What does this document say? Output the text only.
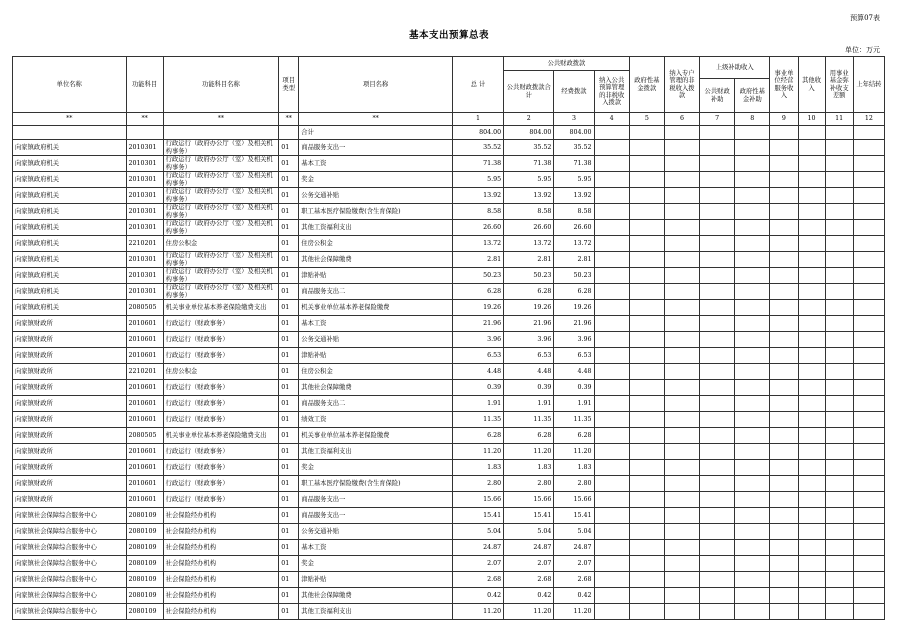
预算07表
基本支出预算总表
单位：万元
单位名称	功能科目	功能科目名称	项目类型	项目名称	总 计	公共财政拨款			政府性基金拨款	纳入专户管理的非税收入拨款	上级补助收入		事业单位经营服务收入	其他收入	用事业基金弥补收支差额	上年结转
						公共财政拨款合计	经费拨款	纳入公共预算管理的非税收入拨款								
											公共财政补助	政府性基金补助				
**	**	**	**	**	1	2	3	4	5	6	7	8	9	10	11	12
				合计	804.00	804.00	804.00									
向家镇政府机关	2010301	行政运行（政府办公厅（室）及相关机构事务）	01	商品服务支出一	35.52	35.52	35.52									
向家镇政府机关	2010301	行政运行（政府办公厅（室）及相关机构事务）	01	基本工资	71.38	71.38	71.38									
向家镇政府机关	2010301	行政运行（政府办公厅（室）及相关机构事务）	01	奖金	5.95	5.95	5.95									
向家镇政府机关	2010301	行政运行（政府办公厅（室）及相关机构事务）	01	公务交通补贴	13.92	13.92	13.92									
向家镇政府机关	2010301	行政运行（政府办公厅（室）及相关机构事务）	01	职工基本医疗保险缴费(含生育保险)	8.58	8.58	8.58									
向家镇政府机关	2010301	行政运行（政府办公厅（室）及相关机构事务）	01	其他工资福利支出	26.60	26.60	26.60									
向家镇政府机关	2210201	住房公积金	01	住房公积金	13.72	13.72	13.72									
向家镇政府机关	2010301	行政运行（政府办公厅（室）及相关机构事务）	01	其他社会保障缴费	2.81	2.81	2.81									
向家镇政府机关	2010301	行政运行（政府办公厅（室）及相关机构事务）	01	津贴补贴	50.23	50.23	50.23									
向家镇政府机关	2010301	行政运行（政府办公厅（室）及相关机构事务）	01	商品服务支出二	6.28	6.28	6.28									
向家镇政府机关	2080505	机关事业单位基本养老保险缴费支出	01	机关事业单位基本养老保险缴费	19.26	19.26	19.26									
向家镇财政所	2010601	行政运行（财政事务）	01	基本工资	21.96	21.96	21.96									
向家镇财政所	2010601	行政运行（财政事务）	01	公务交通补贴	3.96	3.96	3.96									
向家镇财政所	2010601	行政运行（财政事务）	01	津贴补贴	6.53	6.53	6.53									
向家镇财政所	2210201	住房公积金	01	住房公积金	4.48	4.48	4.48									
向家镇财政所	2010601	行政运行（财政事务）	01	其他社会保障缴费	0.39	0.39	0.39									
向家镇财政所	2010601	行政运行（财政事务）	01	商品服务支出二	1.91	1.91	1.91									
向家镇财政所	2010601	行政运行（财政事务）	01	绩效工资	11.35	11.35	11.35									
向家镇财政所	2080505	机关事业单位基本养老保险缴费支出	01	机关事业单位基本养老保险缴费	6.28	6.28	6.28									
向家镇财政所	2010601	行政运行（财政事务）	01	其他工资福利支出	11.20	11.20	11.20									
向家镇财政所	2010601	行政运行（财政事务）	01	奖金	1.83	1.83	1.83									
向家镇财政所	2010601	行政运行（财政事务）	01	职工基本医疗保险缴费(含生育保险)	2.80	2.80	2.80									
向家镇财政所	2010601	行政运行（财政事务）	01	商品服务支出一	15.66	15.66	15.66									
向家镇社会保障综合服务中心	2080109	社会保险经办机构	01	商品服务支出一	15.41	15.41	15.41									
向家镇社会保障综合服务中心	2080109	社会保险经办机构	01	公务交通补贴	5.04	5.04	5.04									
向家镇社会保障综合服务中心	2080109	社会保险经办机构	01	基本工资	24.87	24.87	24.87									
向家镇社会保障综合服务中心	2080109	社会保险经办机构	01	奖金	2.07	2.07	2.07									
向家镇社会保障综合服务中心	2080109	社会保险经办机构	01	津贴补贴	2.68	2.68	2.68									
向家镇社会保障综合服务中心	2080109	社会保险经办机构	01	其他社会保障缴费	0.42	0.42	0.42									
向家镇社会保障综合服务中心	2080109	社会保险经办机构	01	其他工资福利支出	11.20	11.20	11.20									
